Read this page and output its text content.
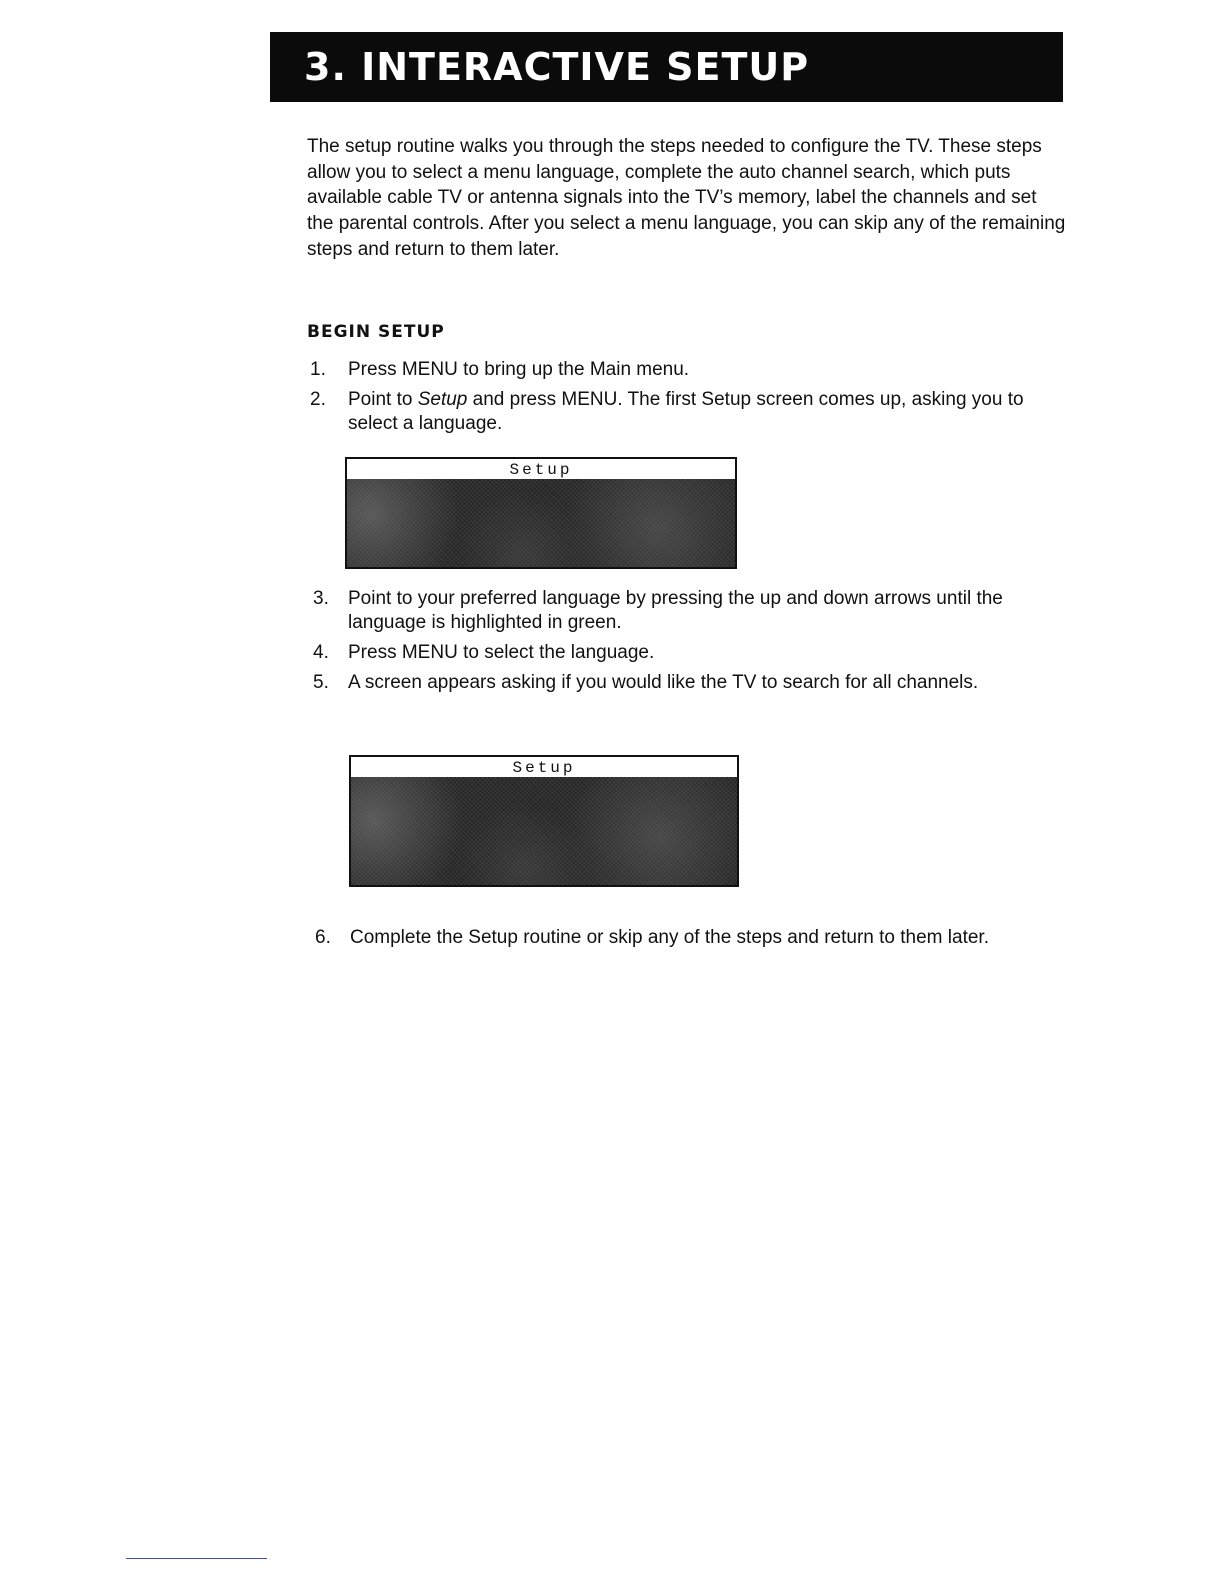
3. INTERACTIVE SETUP

The setup routine walks you through the steps needed to configure the TV. These steps allow you to select a menu language, complete the auto channel search, which puts available cable TV or antenna signals into the TV’s memory, label the channels and set the parental controls. After you select a menu language, you can skip any of the remaining steps and return to them later.

BEGIN SETUP
1. Press MENU to bring up the Main menu.
2. Point to Setup and press MENU. The first Setup screen comes up, asking you to select a language.
Setup
3. Point to your preferred language by pressing the up and down arrows until the language is highlighted in green.
4. Press MENU to select the language.
5. A screen appears asking if you would like the TV to search for all channels.
Setup
6. Complete the Setup routine or skip any of the steps and return to them later.
